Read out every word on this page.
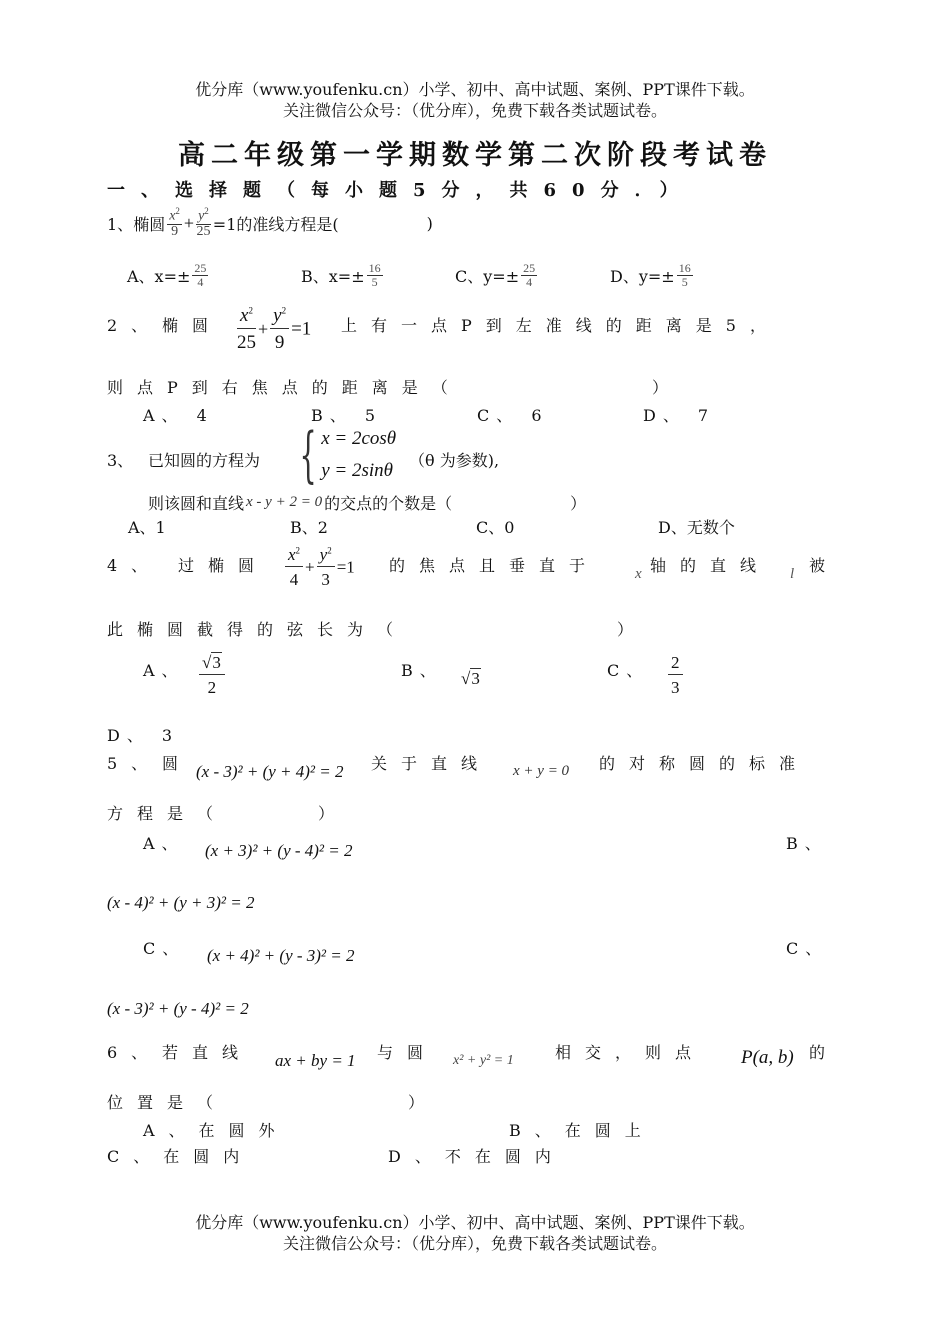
优分库（www.youfenku.cn）小学、初中、高中试题、案例、PPT课件下载。
关注微信公众号：（优分库），免费下载各类试题试卷。
高二年级第一学期数学第二次阶段考试卷
一、选择题（每小题5分，共60分．）
1、 椭圆 $\frac{x^2}{9} + \frac{y^2}{25} =1$的准线方程是(	)
A、$x=\pm \frac{25}{4}$	B、$x=\pm \frac{16}{5}$	C、$y=\pm \frac{25}{4}$	D、$y=\pm \frac{16}{5}$
2、 椭圆 $\frac{x^2}{25} + \frac{y^2}{9} =1$ 上有一点P到左准线的距离是5，
则点P到右焦点的距离是（	）
A、 4	B、 5	C、 6	D、 7
3、 已知圆的方程为 { x = 2cosθ
y = 2sinθ （θ 为参数),
则该圆和直线 x - y + 2 = 0 的交点的个数是（	）
A、1	B、2	C、0	D、无数个
4、 过椭圆 $\frac{x^2}{4} + \frac{y^2}{3} =1$ 的焦点且垂直于 x 轴的直线 l 被
此椭圆截得的弦长为（	）
A、 $\frac{√3}{2}$	B、 √3	C、 $\frac{2}{3}$
D、 3
5、 圆 (x - 3)² + (y + 4)² = 2 关于直线 x + y = 0 的对称圆的标准
方程是（	）
A、 (x + 3)² + (y - 4)² = 2	B、
(x - 4)² + (y + 3)² = 2
C、 (x + 4)² + (y - 3)² = 2	C、
(x - 3)² + (y - 4)² = 2
6、 若直线 ax + by = 1 与圆 x² + y² = 1	相交，则点 P(a, b) 的
位置是（	）
A、在圆外	B、在圆上
C、在圆内	D、不在圆内
优分库（www.youfenku.cn）小学、初中、高中试题、案例、PPT课件下载。
关注微信公众号：（优分库），免费下载各类试题试卷。
